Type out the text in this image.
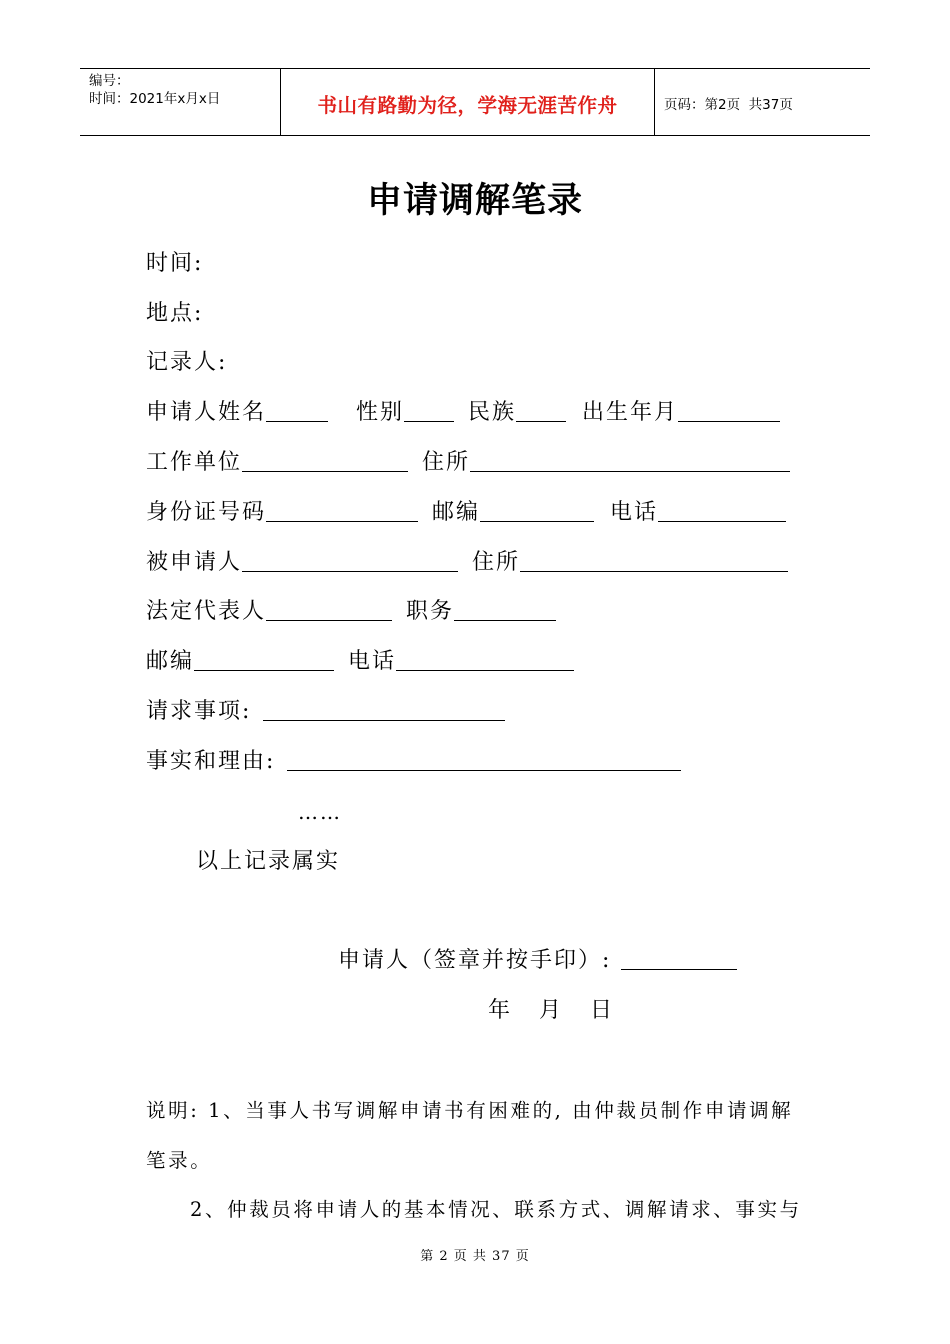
编号：
时间：2021年x月x日	书山有路勤为径，学海无涯苦作舟	页码：第2页  共37页
申请调解笔录
时间:
地点:
记录人:
申请人姓名	性别	民族	出生年月
工作单位	住所
身份证号码	邮编	电话
被申请人	住所
法定代表人	职务
邮编	电话
请求事项:
事实和理由:
……
以上记录属实
申请人（签章并按手印）:
年   月   日
说明: 1、当事人书写调解申请书有困难的, 由仲裁员制作申请调解
笔录。
2、仲裁员将申请人的基本情况、联系方式、调解请求、事实与
第 2 页 共 37 页
